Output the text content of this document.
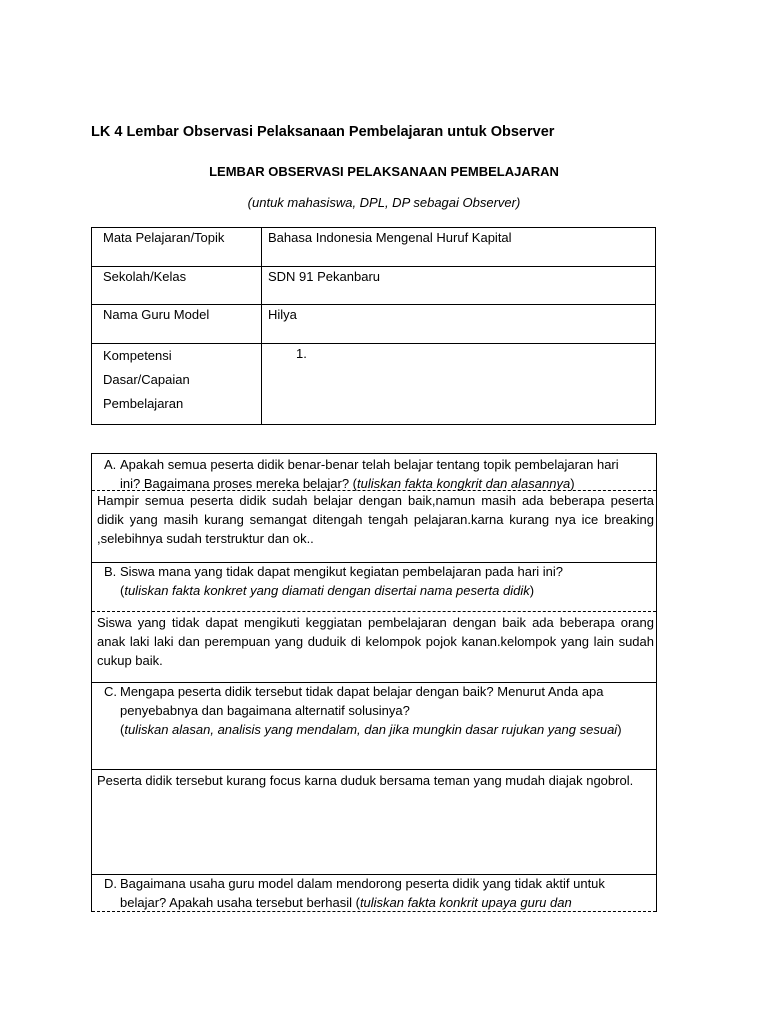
LK 4 Lembar Observasi Pelaksanaan Pembelajaran untuk Observer
LEMBAR OBSERVASI PELAKSANAAN PEMBELAJARAN
(untuk mahasiswa, DPL, DP sebagai Observer)
Mata Pelajaran/Topik	Bahasa Indonesia Mengenal Huruf Kapital
Sekolah/Kelas	SDN 91 Pekanbaru
Nama Guru Model	Hilya

Kompetensi
Dasar/Capaian
Pembelajaran	1.
A. Apakah semua peserta didik benar-benar telah belajar tentang topik pembelajaran hari
ini? Bagaimana proses mereka belajar? (tuliskan fakta kongkrit dan alasannya)
Hampir semua peserta didik sudah belajar dengan baik,namun masih ada beberapa peserta didik yang masih kurang semangat ditengah tengah pelajaran.karna kurang nya ice breaking ,selebihnya sudah terstruktur dan ok..
B. Siswa mana yang tidak dapat mengikut kegiatan pembelajaran pada hari ini?
(tuliskan fakta konkret yang diamati dengan disertai nama peserta didik)
Siswa yang tidak dapat mengikuti keggiatan pembelajaran dengan baik ada beberapa orang anak laki laki dan perempuan yang duduik di kelompok pojok kanan.kelompok yang lain sudah cukup baik.
C. Mengapa peserta didik tersebut tidak dapat belajar dengan baik? Menurut Anda apa
penyebabnya dan bagaimana alternatif solusinya?
(tuliskan alasan, analisis yang mendalam, dan jika mungkin dasar rujukan yang sesuai)
Peserta didik tersebut kurang focus karna duduk bersama teman yang mudah diajak ngobrol.
D. Bagaimana usaha guru model dalam mendorong peserta didik yang tidak aktif untuk
belajar? Apakah usaha tersebut berhasil (tuliskan fakta konkrit upaya guru dan
